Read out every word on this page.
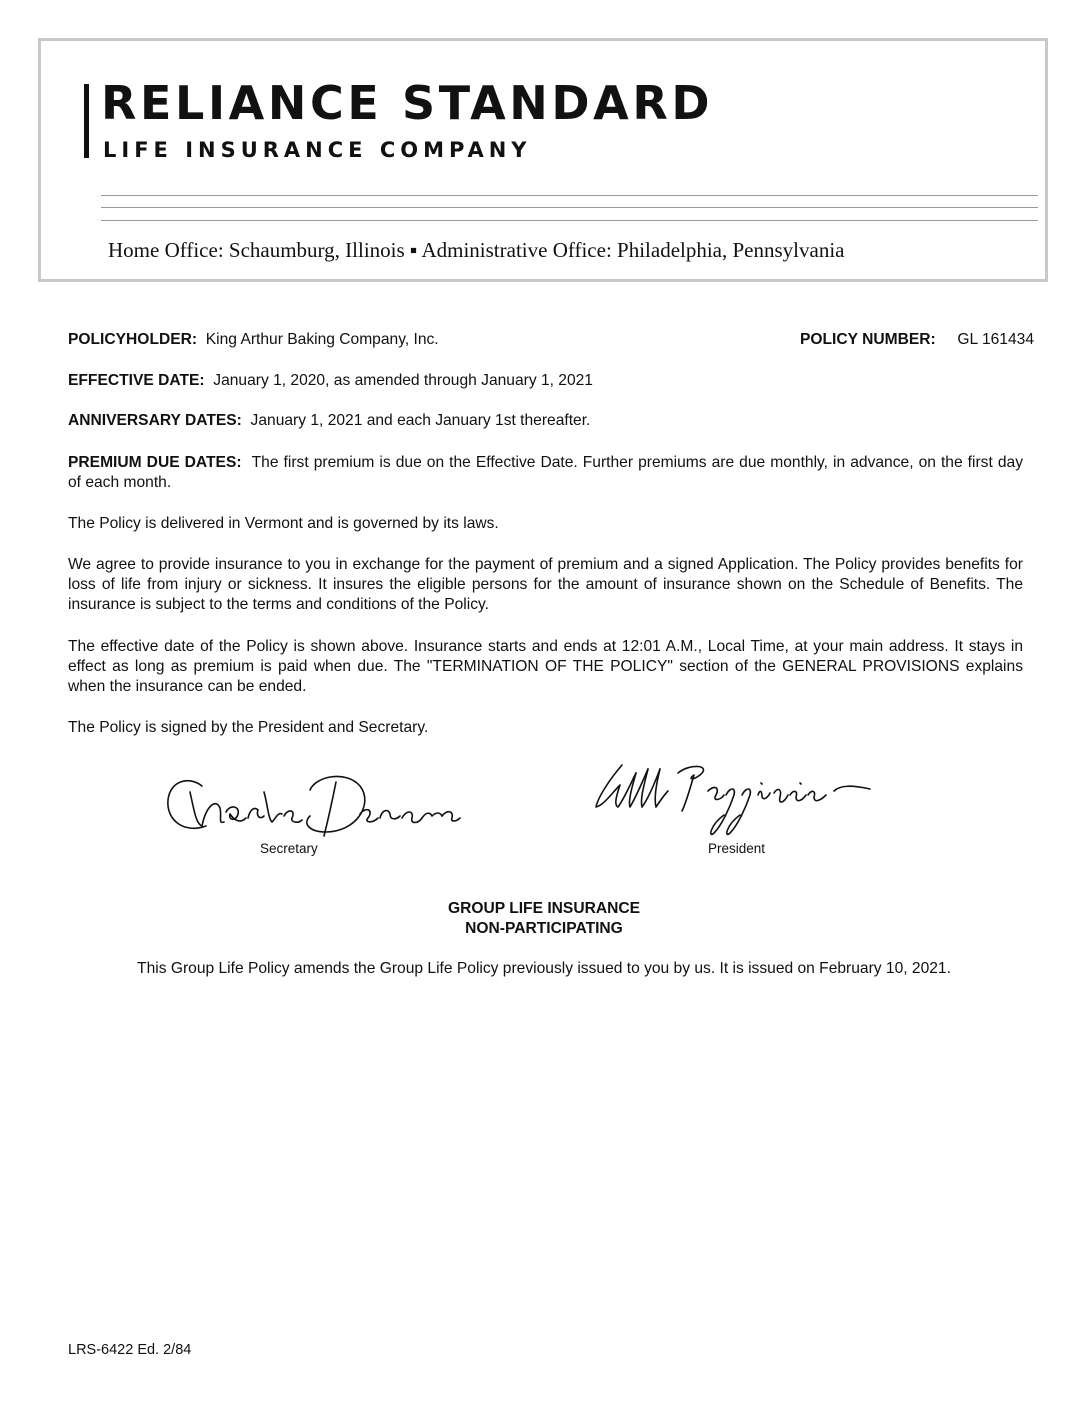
RELIANCE STANDARD
LIFE INSURANCE COMPANY
Home Office: Schaumburg, Illinois ▪ Administrative Office: Philadelphia, Pennsylvania
POLICYHOLDER: King Arthur Baking Company, Inc.	POLICY NUMBER: GL 161434
EFFECTIVE DATE: January 1, 2020, as amended through January 1, 2021
ANNIVERSARY DATES: January 1, 2021 and each January 1st thereafter.
PREMIUM DUE DATES: The first premium is due on the Effective Date. Further premiums are due monthly, in advance, on the first day of each month.
The Policy is delivered in Vermont and is governed by its laws.
We agree to provide insurance to you in exchange for the payment of premium and a signed Application. The Policy provides benefits for loss of life from injury or sickness. It insures the eligible persons for the amount of insurance shown on the Schedule of Benefits. The insurance is subject to the terms and conditions of the Policy.
The effective date of the Policy is shown above. Insurance starts and ends at 12:01 A.M., Local Time, at your main address. It stays in effect as long as premium is paid when due. The "TERMINATION OF THE POLICY" section of the GENERAL PROVISIONS explains when the insurance can be ended.
The Policy is signed by the President and Secretary.
Secretary	President
GROUP LIFE INSURANCE
NON-PARTICIPATING
This Group Life Policy amends the Group Life Policy previously issued to you by us. It is issued on February 10, 2021.
LRS-6422 Ed. 2/84
